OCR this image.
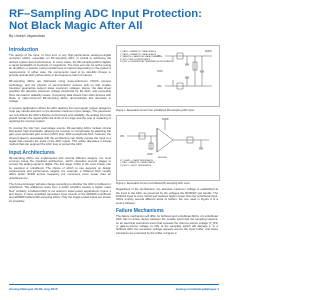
RF–Sampling ADC Input Protection: Not Black Magic After All
By Umesh Jayamohan
Introduction

The design of the input, or front end, of any high-performance analog-to-digital converter (ADC), especially an RF-sampling ADC, is critical to achieving the desired system-level performance. In many cases, the RF-sampling ADCs digitize a signal bandwidth of hundreds of megahertz. The front end can be active (using an amplifier) or passive (using transformers or baluns) depending on the system's requirements. In either case, the components need to be carefully chosen to provide optimal ADC performance in the frequency band of interest.

RF-sampling ADCs are fabricated using deep-submicron CMOS process technology, and the physics of semiconductor devices tells us that smaller transistor geometries support lower maximum voltages. Hence, the data sheet specifies the absolute maximum voltage thresholds for the ADC, and exceeding them can lead to reliability issues. Comparing data sheets from older devices with those of state-of-the-art RF-sampling ADCs demonstrates this decrease in voltage.

In receiver applications where the ADC digitizes the input signal, system designers must pay careful attention to the absolute maximum input voltage. This parameter not only affects the ADC's lifetime performance and reliability, the analog front end should restrain the signal within the limits of its range and the cost of replacing or repairing the receiver system.

To counter the risk from overvoltage events, RF-sampling ADCs include circuits that detect high thresholds, allowing the receiver to compensate by adjusting the gain of an automatic gain control (AGC) loop. With a peripheral AGC, however, the inherent latency associated with the architecture can briefly expose the input to a signal that exceeds the limits of the ADC inputs. This article discusses a simple method that can augment the AGC loop to protect the ADC.

Input Architectures

RF-sampling ADCs are implemented with several different designs, the most common being the pipelined architecture, which cascades several stages to convert the analog signal to digital. The first stage, which is the most critical, can be sampled or unbuffered. The choice of which to use depends on design requirements and performance targets. For example, a buffered ADC usually offers better SFDR across frequency but consumes more power than an unbuffered one.

The front-end design will also change according to whether the ADC is buffered or unbuffered. The additional noise from a buffer amplifier causes a higher noise floor; similarly, a buffered ADC is not suited to lower-power applications. Figure 1 and Figure 2 show simplified equivalent input circuits of the AD9625 unbuffered and AD9680 buffered RF-sampling ADCs. Only the single-ended inputs are shown for simplicity.

C_PAR1 = PARASITIC CAPACITANCE
C_PAR2 = PARASITIC CAPACITANCE
C_SAMPLE = SAMPLING CAPACITANCE
R_SW = SWITCH RESISTANCE
R_DIFF = DIFFERENTIAL TERMINATION RESISTANCE
VIN+
VCM
VIN−
AVDD
Figure 1. Equivalent circuit of an unbuffered RF-sampling ADC input.
R_CLAMP = CLAMP RESISTANCE
C_PAR = PARASITIC CAPACITANCE
R_INPUT = INPUT RESISTANCE
VIN
AVDD
VCM
BUFFER
Figure 2. Equivalent circuit of a buffered RF-sampling ADC input.

Regardless of the architecture, the absolute maximum voltage is established at the input to the ADC, as governed by the voltages the MOSFET can handle. The buffered input is more robust and features higher power than the unbuffered input. ADCs employ several different kinds of buffers; the one used in Figure 2 is a source follower.

Failure Mechanisms

The failure mechanism will differ for buffered and unbuffered ADCs. An unbuffered ADC has no active device between the outside world and the sampling network, so an electrical overstress event that exceeds the drain-to-source voltage (V_DS) or gate-to-source voltage (V_GS) of the sampling switch will damage it. In a buffered ADC the excessive voltage appears across the input buffer, and these transistors are protected by the buffer in Figure 2.

Analog Dialogue 49-09, Aug 2015	analog.com/analogdialogue 1
